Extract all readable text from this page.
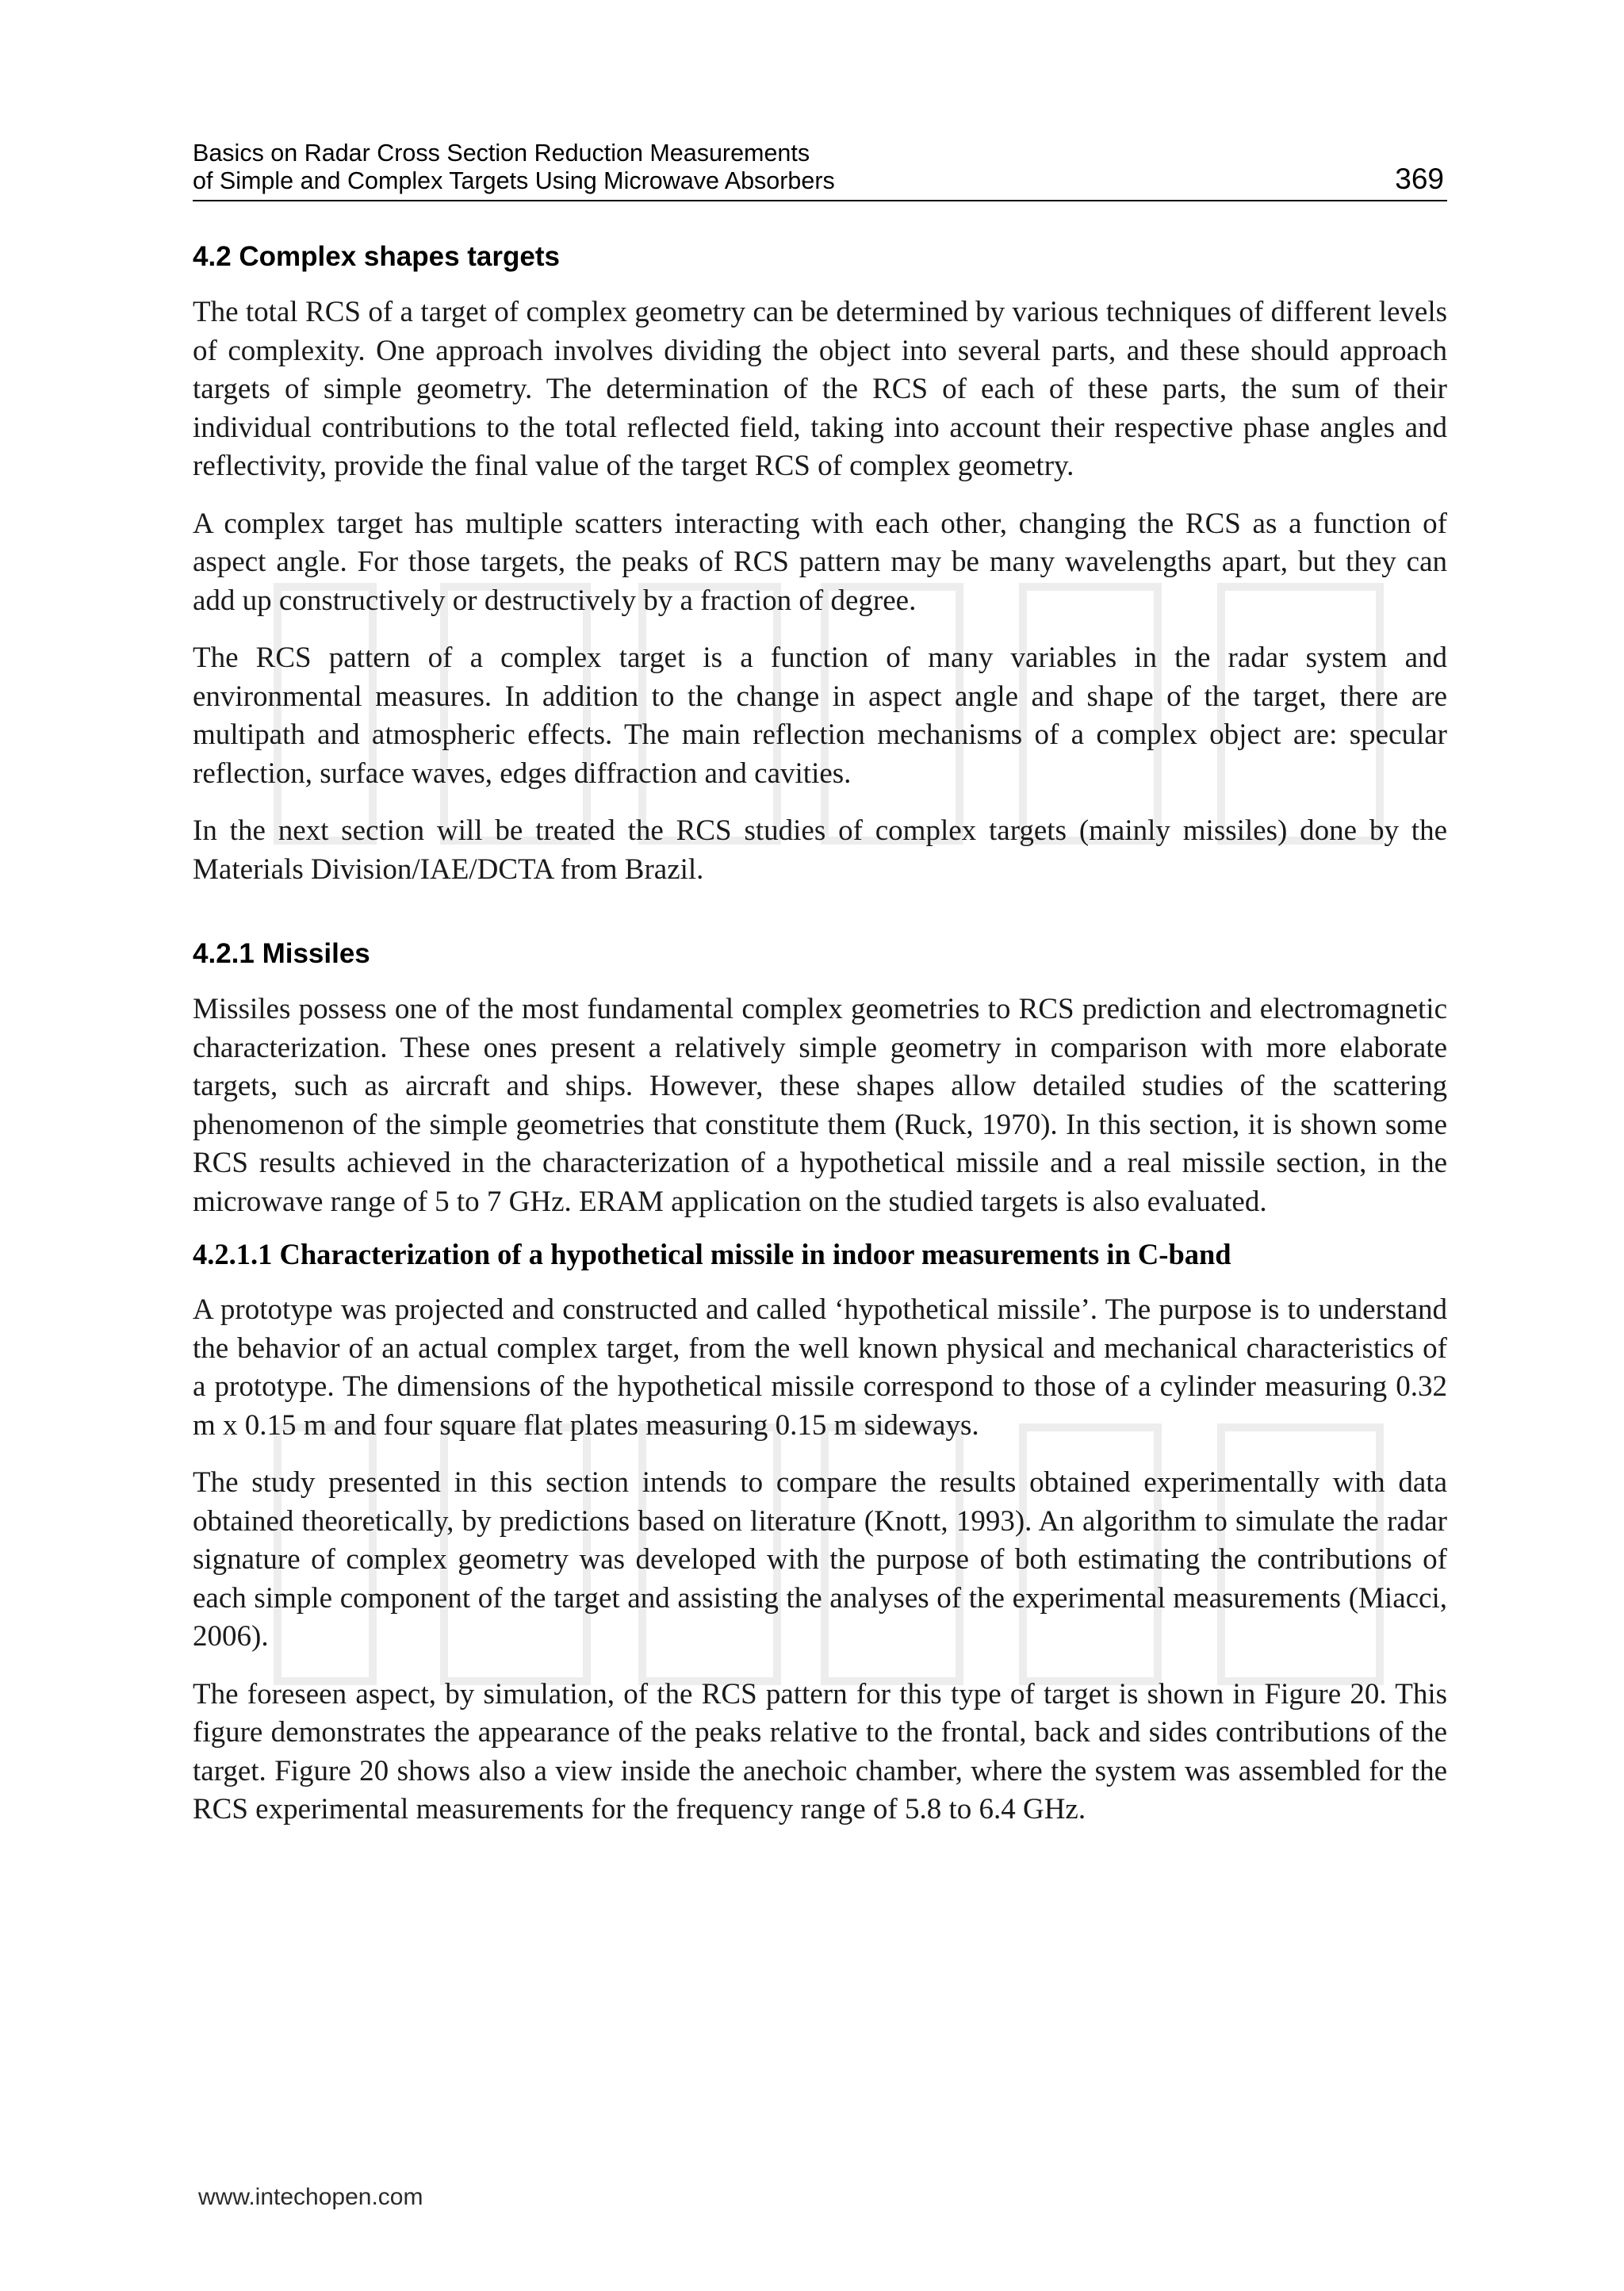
Basics on Radar Cross Section Reduction Measurements
of Simple and Complex Targets Using Microwave Absorbers	369
4.2 Complex shapes targets

The total RCS of a target of complex geometry can be determined by various techniques of different levels of complexity. One approach involves dividing the object into several parts, and these should approach targets of simple geometry. The determination of the RCS of each of these parts, the sum of their individual contributions to the total reflected field, taking into account their respective phase angles and reflectivity, provide the final value of the target RCS of complex geometry.

A complex target has multiple scatters interacting with each other, changing the RCS as a function of aspect angle. For those targets, the peaks of RCS pattern may be many wavelengths apart, but they can add up constructively or destructively by a fraction of degree.

The RCS pattern of a complex target is a function of many variables in the radar system and environmental measures. In addition to the change in aspect angle and shape of the target, there are multipath and atmospheric effects. The main reflection mechanisms of a complex object are: specular reflection, surface waves, edges diffraction and cavities.

In the next section will be treated the RCS studies of complex targets (mainly missiles) done by the Materials Division/IAE/DCTA from Brazil.

4.2.1 Missiles

Missiles possess one of the most fundamental complex geometries to RCS prediction and electromagnetic characterization. These ones present a relatively simple geometry in comparison with more elaborate targets, such as aircraft and ships. However, these shapes allow detailed studies of the scattering phenomenon of the simple geometries that constitute them (Ruck, 1970). In this section, it is shown some RCS results achieved in the characterization of a hypothetical missile and a real missile section, in the microwave range of 5 to 7 GHz. ERAM application on the studied targets is also evaluated.

4.2.1.1 Characterization of a hypothetical missile in indoor measurements in C-band

A prototype was projected and constructed and called ‘hypothetical missile’. The purpose is to understand the behavior of an actual complex target, from the well known physical and mechanical characteristics of a prototype. The dimensions of the hypothetical missile correspond to those of a cylinder measuring 0.32 m x 0.15 m and four square flat plates measuring 0.15 m sideways.

The study presented in this section intends to compare the results obtained experimentally with data obtained theoretically, by predictions based on literature (Knott, 1993). An algorithm to simulate the radar signature of complex geometry was developed with the purpose of both estimating the contributions of each simple component of the target and assisting the analyses of the experimental measurements (Miacci, 2006).

The foreseen aspect, by simulation, of the RCS pattern for this type of target is shown in Figure 20. This figure demonstrates the appearance of the peaks relative to the frontal, back and sides contributions of the target. Figure 20 shows also a view inside the anechoic chamber, where the system was assembled for the RCS experimental measurements for the frequency range of 5.8 to 6.4 GHz.

www.intechopen.com
